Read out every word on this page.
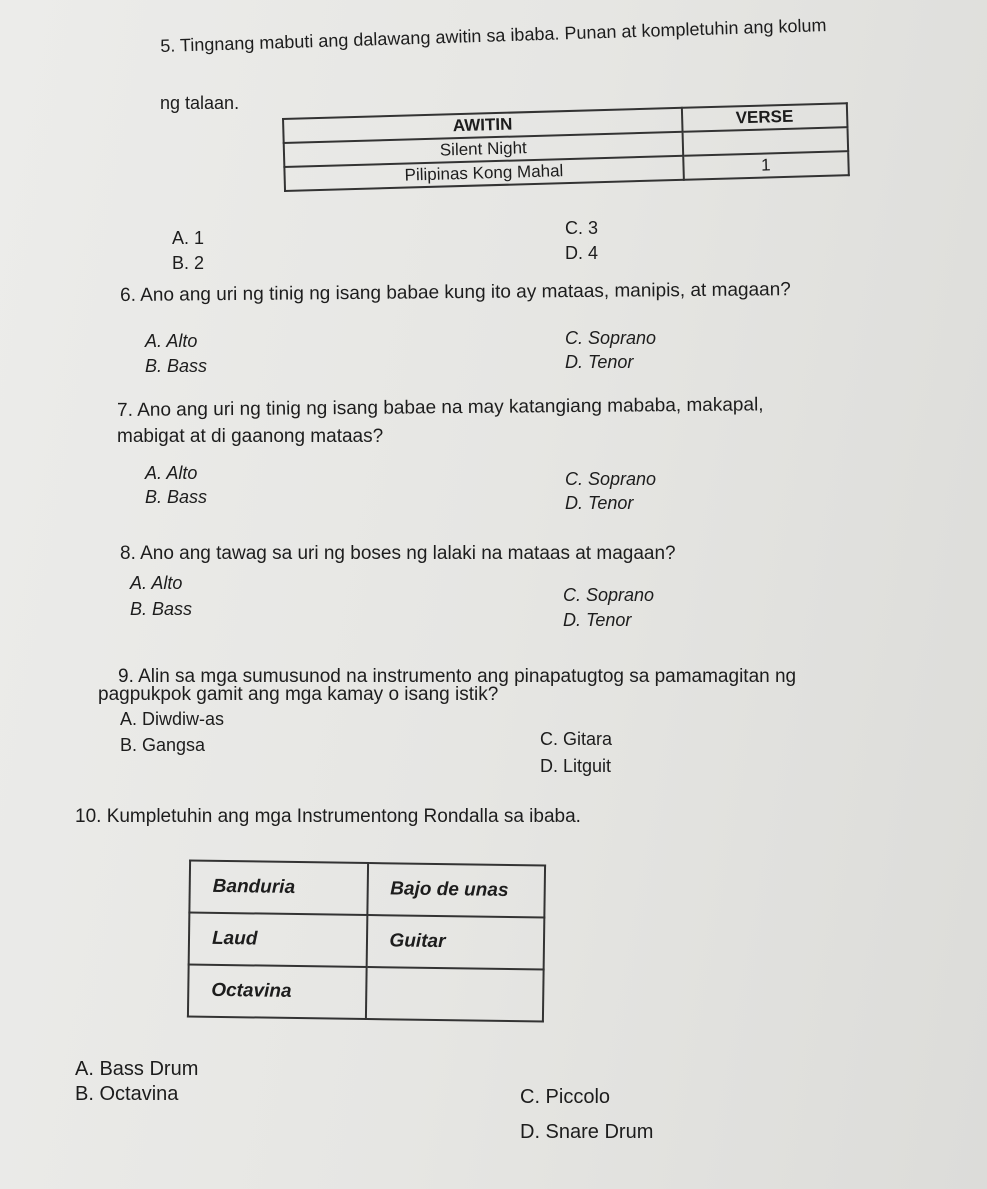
5. Tingnang mabuti ang dalawang awitin sa ibaba. Punan at kompletuhin ang kolum
ng talaan.
AWITIN	VERSE
Silent Night	
Pilipinas Kong Mahal	1
A. 1
B. 2
C. 3
D. 4
6. Ano ang uri ng tinig ng isang babae kung ito ay mataas, manipis, at magaan?
A. Alto
B. Bass
C. Soprano
D. Tenor
7. Ano ang uri ng tinig ng isang babae na may katangiang mababa, makapal,
mabigat at di gaanong mataas?
A. Alto
B. Bass
C. Soprano
D. Tenor
8. Ano ang tawag sa uri ng boses ng lalaki na mataas at magaan?
A. Alto
B. Bass
C. Soprano
D. Tenor
9. Alin sa mga sumusunod na instrumento ang pinapatugtog sa pamamagitan ng
pagpukpok gamit ang mga kamay o isang istik?
A. Diwdiw-as
B. Gangsa	C. Gitara
D. Litguit
10. Kumpletuhin ang mga Instrumentong Rondalla sa ibaba.
Banduria	Bajo de unas
Laud	Guitar
Octavina	
A. Bass Drum
B. Octavina	C. Piccolo
D. Snare Drum
